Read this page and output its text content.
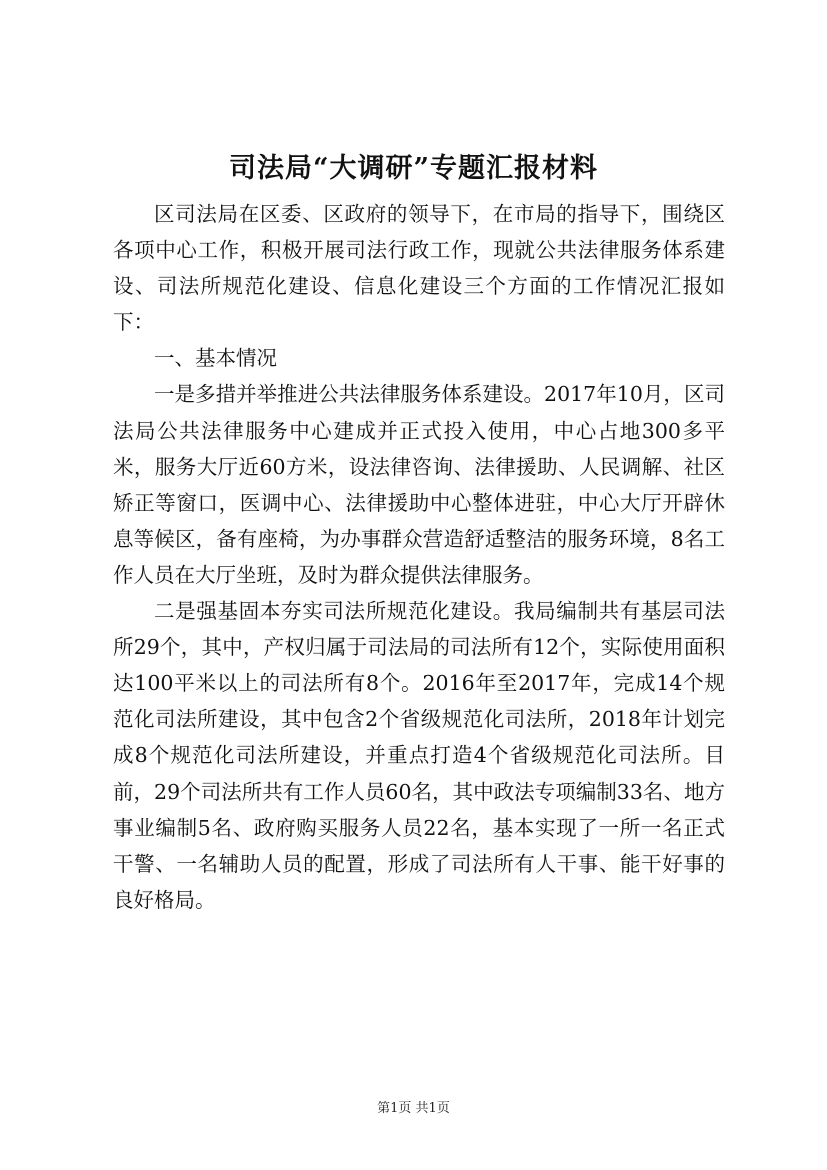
司法局“大调研”专题汇报材料

区司法局在区委、区政府的领导下，在市局的指导下，围绕区各项中心工作，积极开展司法行政工作，现就公共法律服务体系建设、司法所规范化建设、信息化建设三个方面的工作情况汇报如下：

一、基本情况

一是多措并举推进公共法律服务体系建设。2017年10月，区司法局公共法律服务中心建成并正式投入使用，中心占地300多平米，服务大厅近60方米，设法律咨询、法律援助、人民调解、社区矫正等窗口，医调中心、法律援助中心整体进驻，中心大厅开辟休息等候区，备有座椅，为办事群众营造舒适整洁的服务环境，8名工作人员在大厅坐班，及时为群众提供法律服务。

二是强基固本夯实司法所规范化建设。我局编制共有基层司法所29个，其中，产权归属于司法局的司法所有12个，实际使用面积达100平米以上的司法所有8个。2016年至2017年，完成14个规范化司法所建设，其中包含2个省级规范化司法所，2018年计划完成8个规范化司法所建设，并重点打造4个省级规范化司法所。目前，29个司法所共有工作人员60名，其中政法专项编制33名、地方事业编制5名、政府购买服务人员22名，基本实现了一所一名正式干警、一名辅助人员的配置，形成了司法所有人干事、能干好事的良好格局。

第1页 共1页
